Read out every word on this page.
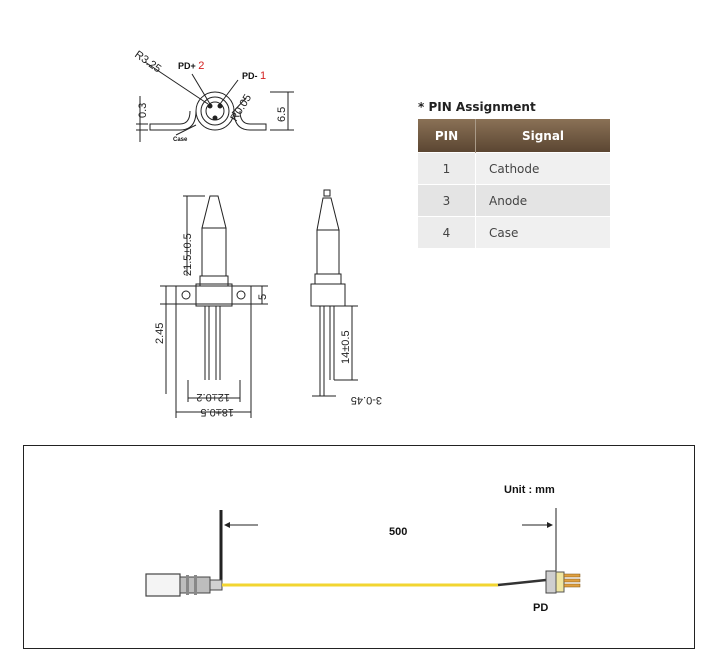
R3.25 PD+ 2
PD- 1
R0.05
0.3	6.5
Case
21.5±0.5
2.45
5
12±0.2
18±0.5
14±0.5
3-0.45
Unit : mm
500
PD
* PIN Assignment
PIN	Signal
1	Cathode
3	Anode
4	Case
